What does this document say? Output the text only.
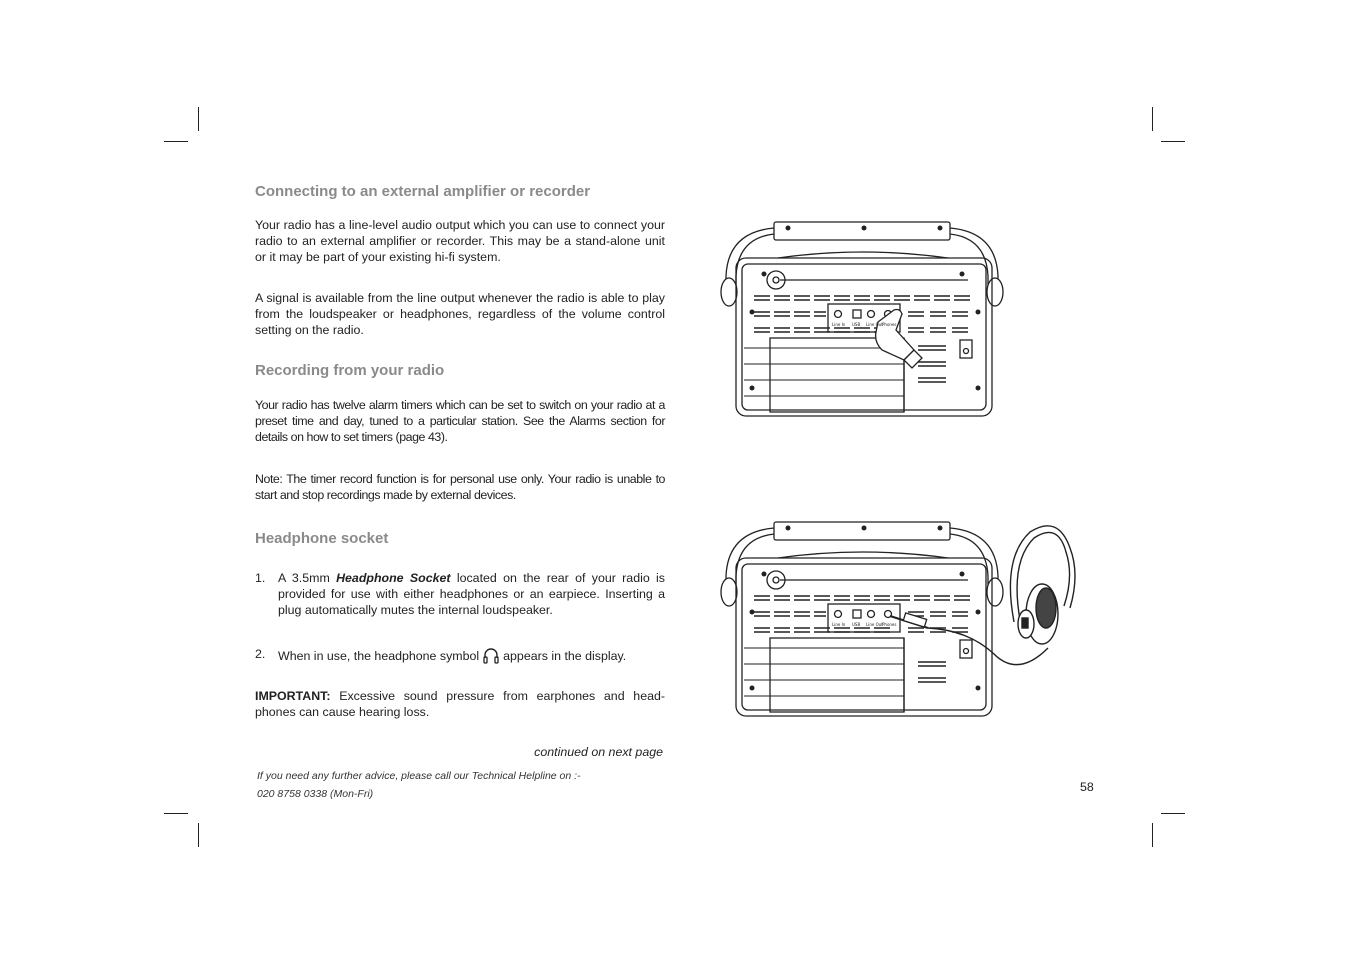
Connecting to an external amplifier or recorder

Your radio has a line-level audio output which you can use to connect your radio to an external amplifier or recorder. This may be a stand-alone unit or it may be part of your existing hi-fi system.

A signal is available from the line output whenever the radio is able to play from the loudspeaker or headphones, regardless of the volume control setting on the radio.

Recording from your radio

Your radio has twelve alarm timers which can be set to switch on your radio at a preset time and day, tuned to a particular station. See the Alarms section for details on how to set timers (page 43).

Note: The timer record function is for personal use only. Your radio is unable to start and stop recordings made by external devices.

Headphone socket
1. A 3.5mm Headphone Socket located on the rear of your radio is provided for use with either headphones or an earpiece. Inserting a plug automatically mutes the internal loudspeaker.
2. When in use, the headphone symbol appears in the display.

IMPORTANT: Excessive sound pressure from earphones and head-phones can cause hearing loss.

continued on next page
If you need any further advice, please call our Technical Helpline on :-
020 8758 0338 (Mon-Fri)	58
Line In USB Line Out Phones
Line In USB Line Out Phones
